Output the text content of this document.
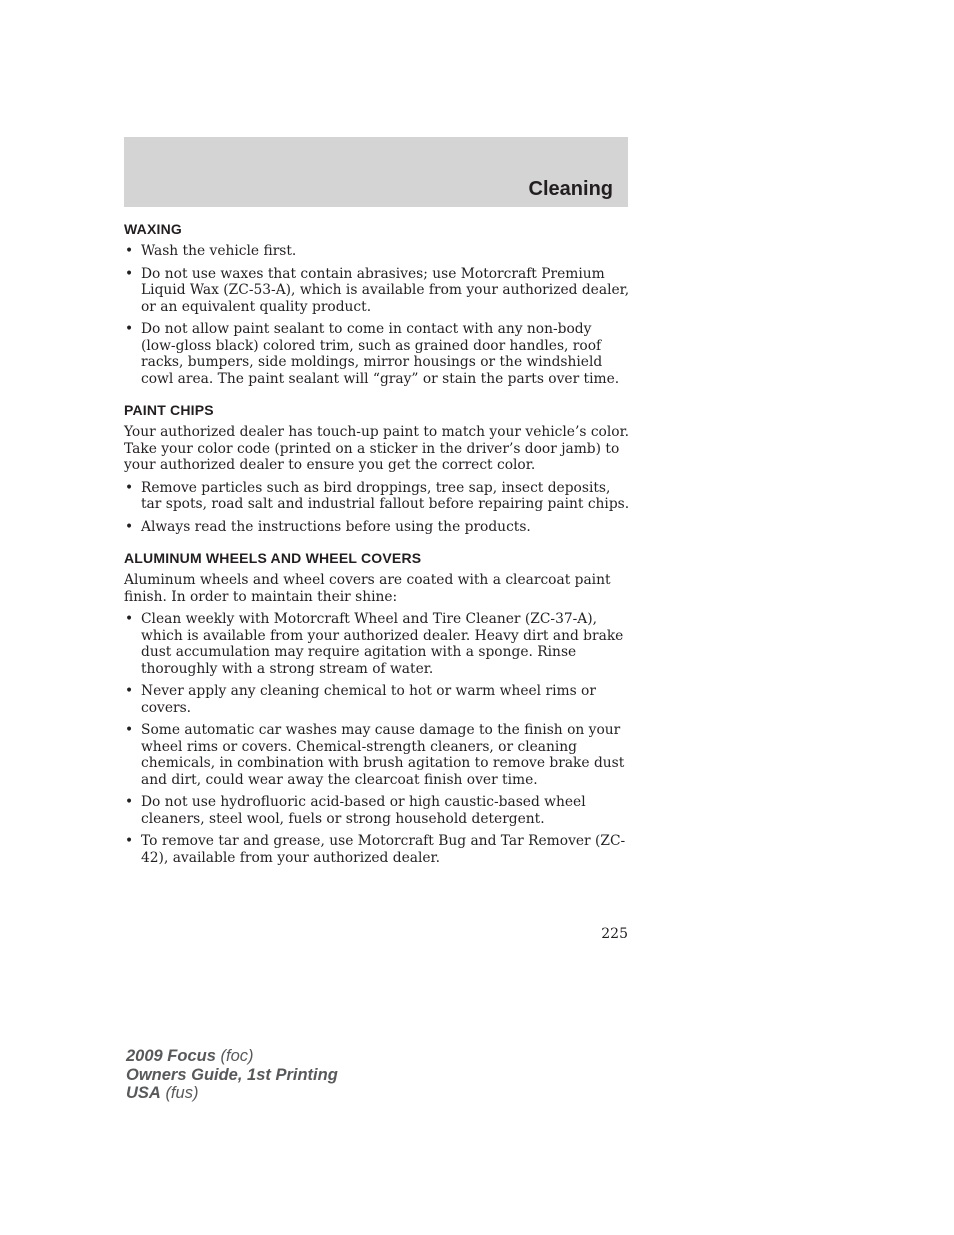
Cleaning
WAXING
• Wash the vehicle first.
• Do not use waxes that contain abrasives; use Motorcraft Premium Liquid Wax (ZC-53-A), which is available from your authorized dealer, or an equivalent quality product.
• Do not allow paint sealant to come in contact with any non-body (low-gloss black) colored trim, such as grained door handles, roof racks, bumpers, side moldings, mirror housings or the windshield cowl area. The paint sealant will “gray” or stain the parts over time.
PAINT CHIPS

Your authorized dealer has touch-up paint to match your vehicle’s color. Take your color code (printed on a sticker in the driver’s door jamb) to your authorized dealer to ensure you get the correct color.

• Remove particles such as bird droppings, tree sap, insect deposits, tar spots, road salt and industrial fallout before repairing paint chips.
• Always read the instructions before using the products.
ALUMINUM WHEELS AND WHEEL COVERS

Aluminum wheels and wheel covers are coated with a clearcoat paint finish. In order to maintain their shine:

• Clean weekly with Motorcraft Wheel and Tire Cleaner (ZC-37-A), which is available from your authorized dealer. Heavy dirt and brake dust accumulation may require agitation with a sponge. Rinse thoroughly with a strong stream of water.
• Never apply any cleaning chemical to hot or warm wheel rims or covers.
• Some automatic car washes may cause damage to the finish on your wheel rims or covers. Chemical-strength cleaners, or cleaning chemicals, in combination with brush agitation to remove brake dust and dirt, could wear away the clearcoat finish over time.
• Do not use hydrofluoric acid-based or high caustic-based wheel cleaners, steel wool, fuels or strong household detergent.
• To remove tar and grease, use Motorcraft Bug and Tar Remover (ZC-42), available from your authorized dealer.
225
2009 Focus (foc)
Owners Guide, 1st Printing
USA (fus)
